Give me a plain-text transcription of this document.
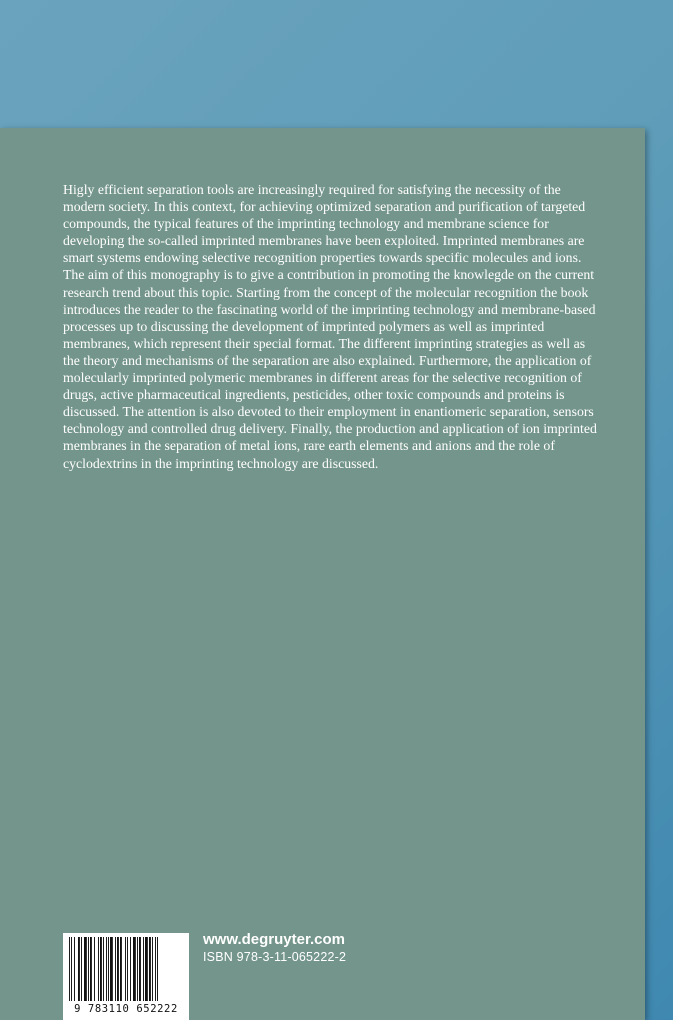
Higly efficient separation tools are increasingly required for satisfying the necessity of the modern society. In this context, for achieving optimized separation and purification of targeted compounds, the typical features of the imprinting technology and membrane science for developing the so-called imprinted membranes have been exploited. Imprinted membranes are smart systems endowing selective recognition properties towards specific molecules and ions. The aim of this monography is to give a contribution in promoting the knowlegde on the current research trend about this topic. Starting from the concept of the molecular recognition the book introduces the reader to the fascinating world of the imprinting technology and membrane-based processes up to discussing the development of imprinted polymers as well as imprinted membranes, which represent their special format. The different imprinting strategies as well as the theory and mechanisms of the separation are also explained. Furthermore, the application of molecularly imprinted polymeric membranes in different areas for the selective recognition of drugs, active pharmaceutical ingredients, pesticides, other toxic compounds and proteins is discussed. The attention is also devoted to their employment in enantiomeric separation, sensors technology and controlled drug delivery. Finally, the production and application of ion imprinted membranes in the separation of metal ions, rare earth elements and anions and the role of cyclodextrins in the imprinting technology are discussed.

9 783110 652222
www.degruyter.com
ISBN 978-3-11-065222-2
